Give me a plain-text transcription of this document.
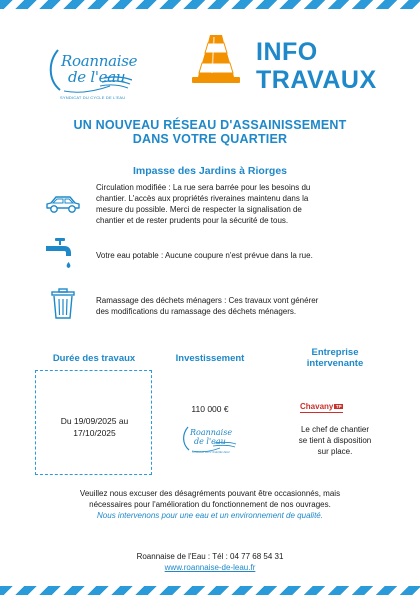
Roannaise
de l'eau
SYNDICAT DU CYCLE DE L'EAU
INFO
TRAVAUX
UN NOUVEAU RÉSEAU D'ASSAINISSEMENT
DANS VOTRE QUARTIER
Impasse des Jardins à Riorges
Circulation modifiée : La rue sera barrée pour les besoins du
chantier. L'accès aux propriétés riveraines maintenu dans la
mesure du possible. Merci de respecter la signalisation de
chantier et de rester prudents pour la sécurité de tous.
Votre eau potable : Aucune coupure n'est prévue dans la rue.
Ramassage des déchets ménagers : Ces travaux vont générer
des modifications du ramassage des déchets ménagers.
Durée des travaux	Investissement
Entreprise
intervenante
Du 19/09/2025 au
17/10/2025
110 000 €
Roannaise
de l'eau
SYNDICAT DU CYCLE DE L'EAU
Chavany TP
Le chef de chantier
se tient à disposition
sur place.
Veuillez nous excuser des désagréments pouvant être occasionnés, mais
nécessaires pour l'amélioration du fonctionnement de nos ouvrages.
Nous intervenons pour une eau et un environnement de qualité.
Roannaise de l'Eau : Tél : 04 77 68 54 31
www.roannaise-de-leau.fr
